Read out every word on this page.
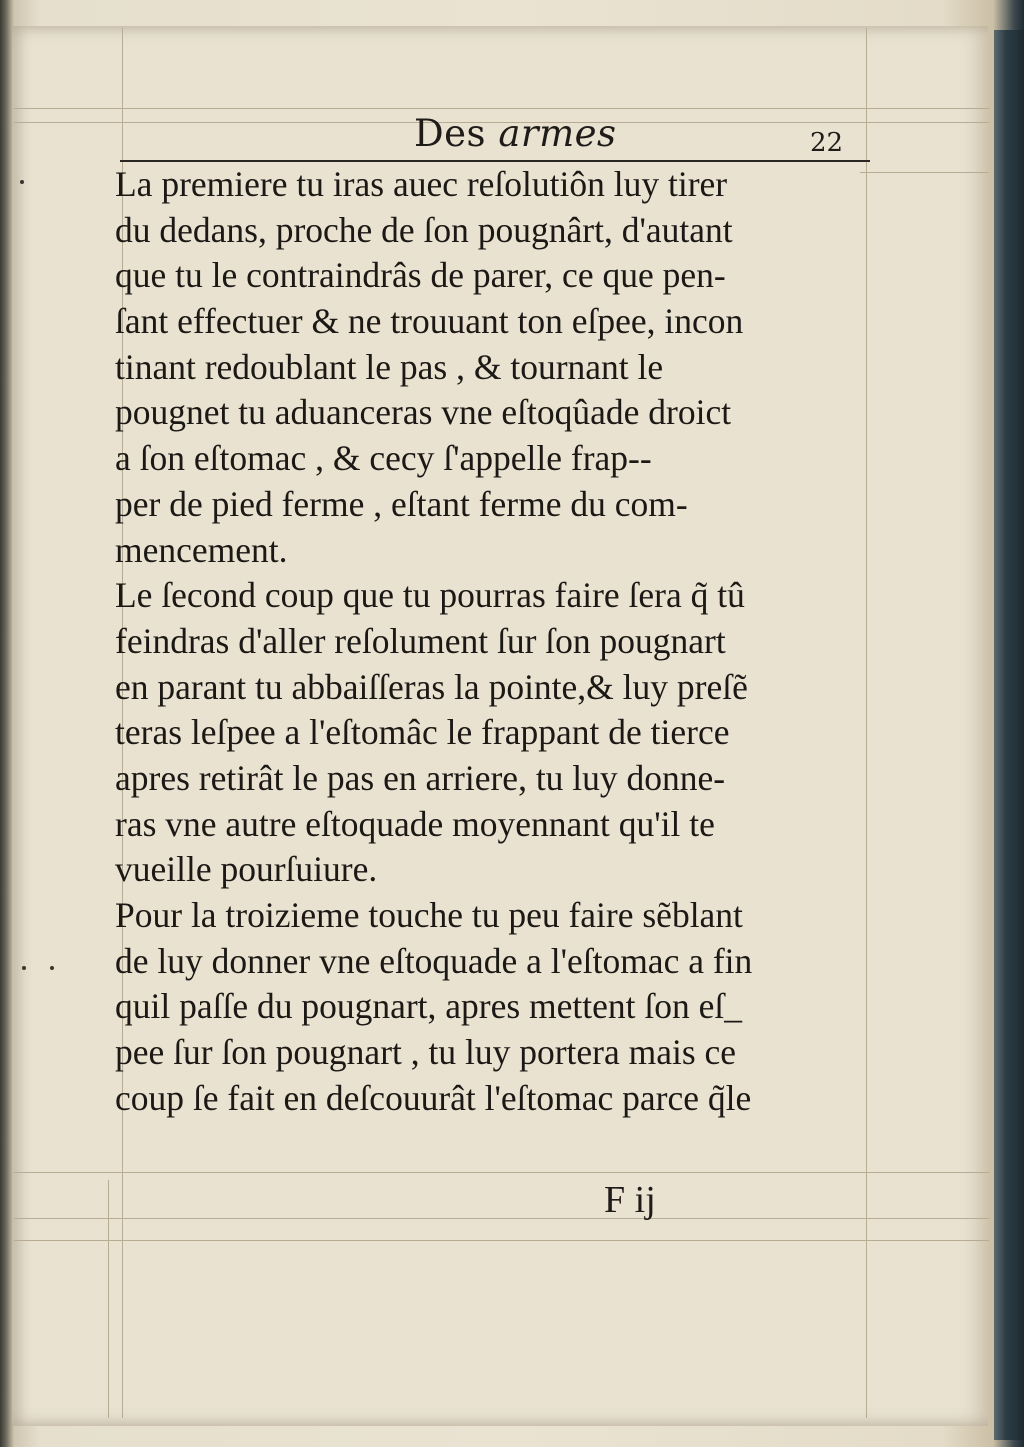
Des armes	22
La premiere tu iras auec reſolutiôn luy tirer
du dedans, proche de ſon pougnârt, d'autant
que tu le contraindrâs de parer, ce que pen-
ſant effectuer & ne trouuant ton eſpee, incon
tinant redoublant le pas , & tournant le
pougnet tu aduanceras vne eſtoqûade droict
a ſon eſtomac , & cecy ſ'appelle frap--
per de pied ferme , eſtant ferme du com-
mencement.
Le ſecond coup que tu pourras faire ſera q̃ tû
feindras d'aller reſolument ſur ſon pougnart
en parant tu abbaiſſeras la pointe,& luy preſẽ
teras leſpee a l'eſtomâc le frappant de tierce
apres retirât le pas en arriere, tu luy donne-
ras vne autre eſtoquade moyennant qu'il te
vueille pourſuiure.
Pour la troizieme touche tu peu faire sẽblant
de luy donner vne eſtoquade a l'eſtomac a fin
quil paſſe du pougnart, apres mettent ſon eſ_
pee ſur ſon pougnart , tu luy portera mais ce
coup ſe fait en deſcouurât l'eſtomac parce q̃le
F ij
